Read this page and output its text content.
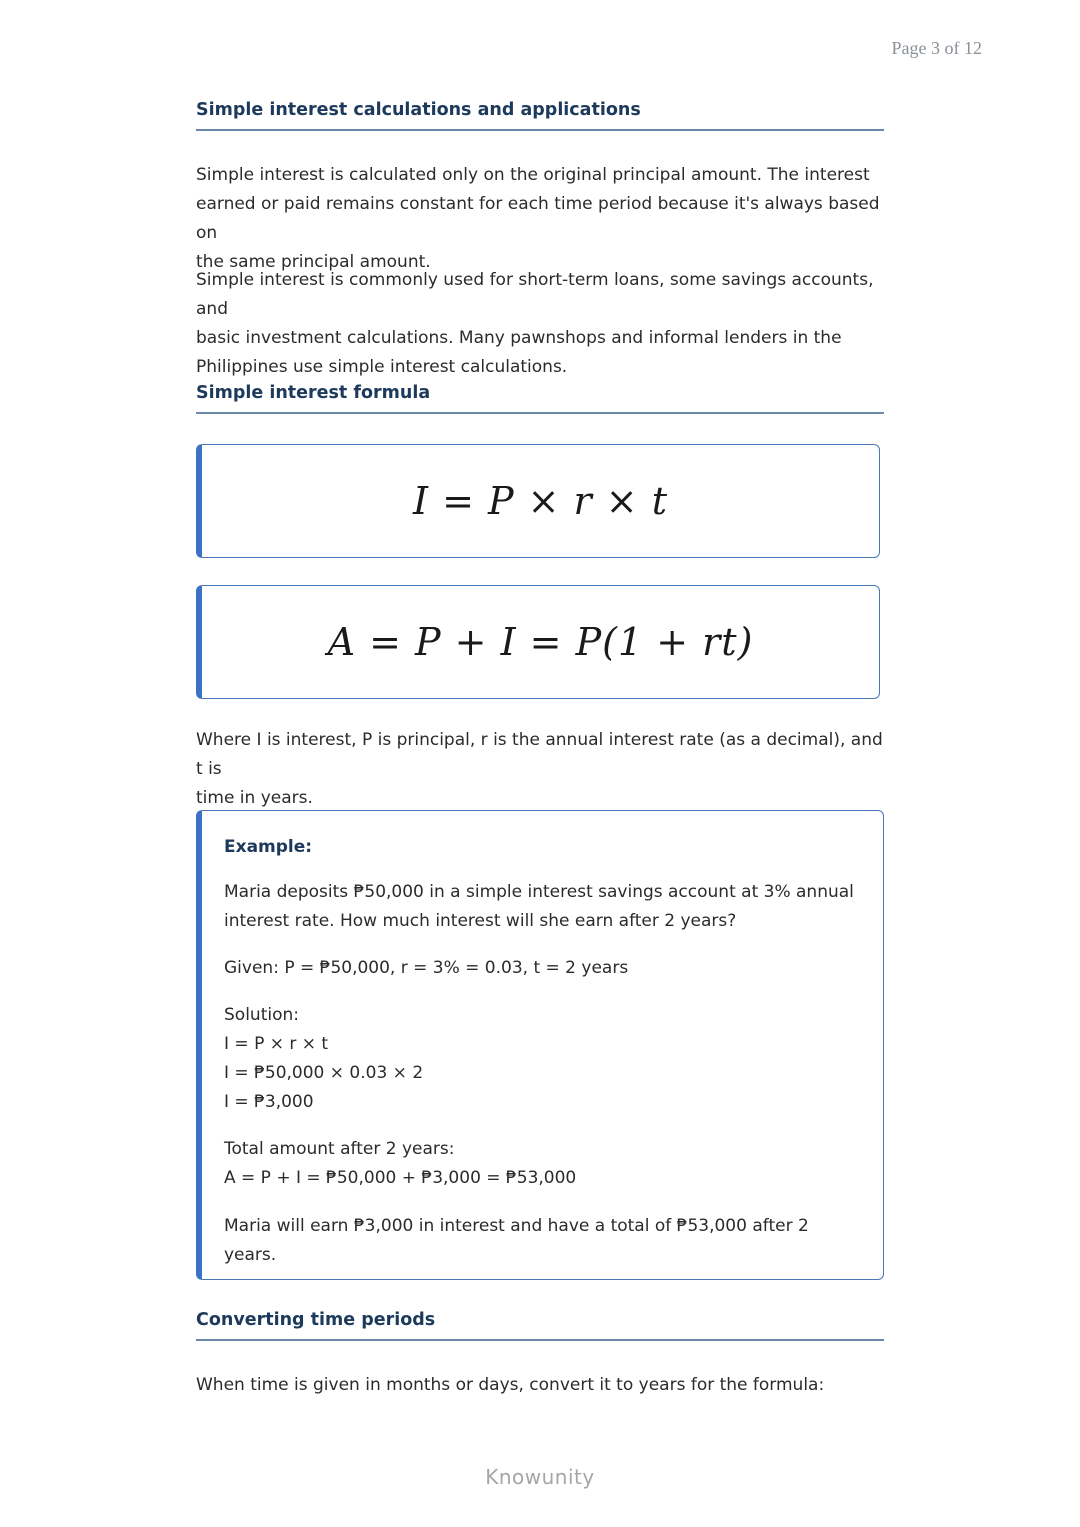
Page 3 of 12
Simple interest calculations and applications
Simple interest is calculated only on the original principal amount. The interest
earned or paid remains constant for each time period because it's always based on
the same principal amount.
Simple interest is commonly used for short-term loans, some savings accounts, and
basic investment calculations. Many pawnshops and informal lenders in the
Philippines use simple interest calculations.
Simple interest formula
I = P × r × t
A = P + I = P(1 + rt)
Where I is interest, P is principal, r is the annual interest rate (as a decimal), and t is
time in years.
Example:
Maria deposits ₱50,000 in a simple interest savings account at 3% annual
interest rate. How much interest will she earn after 2 years?
Given: P = ₱50,000, r = 3% = 0.03, t = 2 years
Solution:
I = P × r × t
I = ₱50,000 × 0.03 × 2
I = ₱3,000
Total amount after 2 years:
A = P + I = ₱50,000 + ₱3,000 = ₱53,000
Maria will earn ₱3,000 in interest and have a total of ₱53,000 after 2 years.
Converting time periods
When time is given in months or days, convert it to years for the formula:
Knowunity
